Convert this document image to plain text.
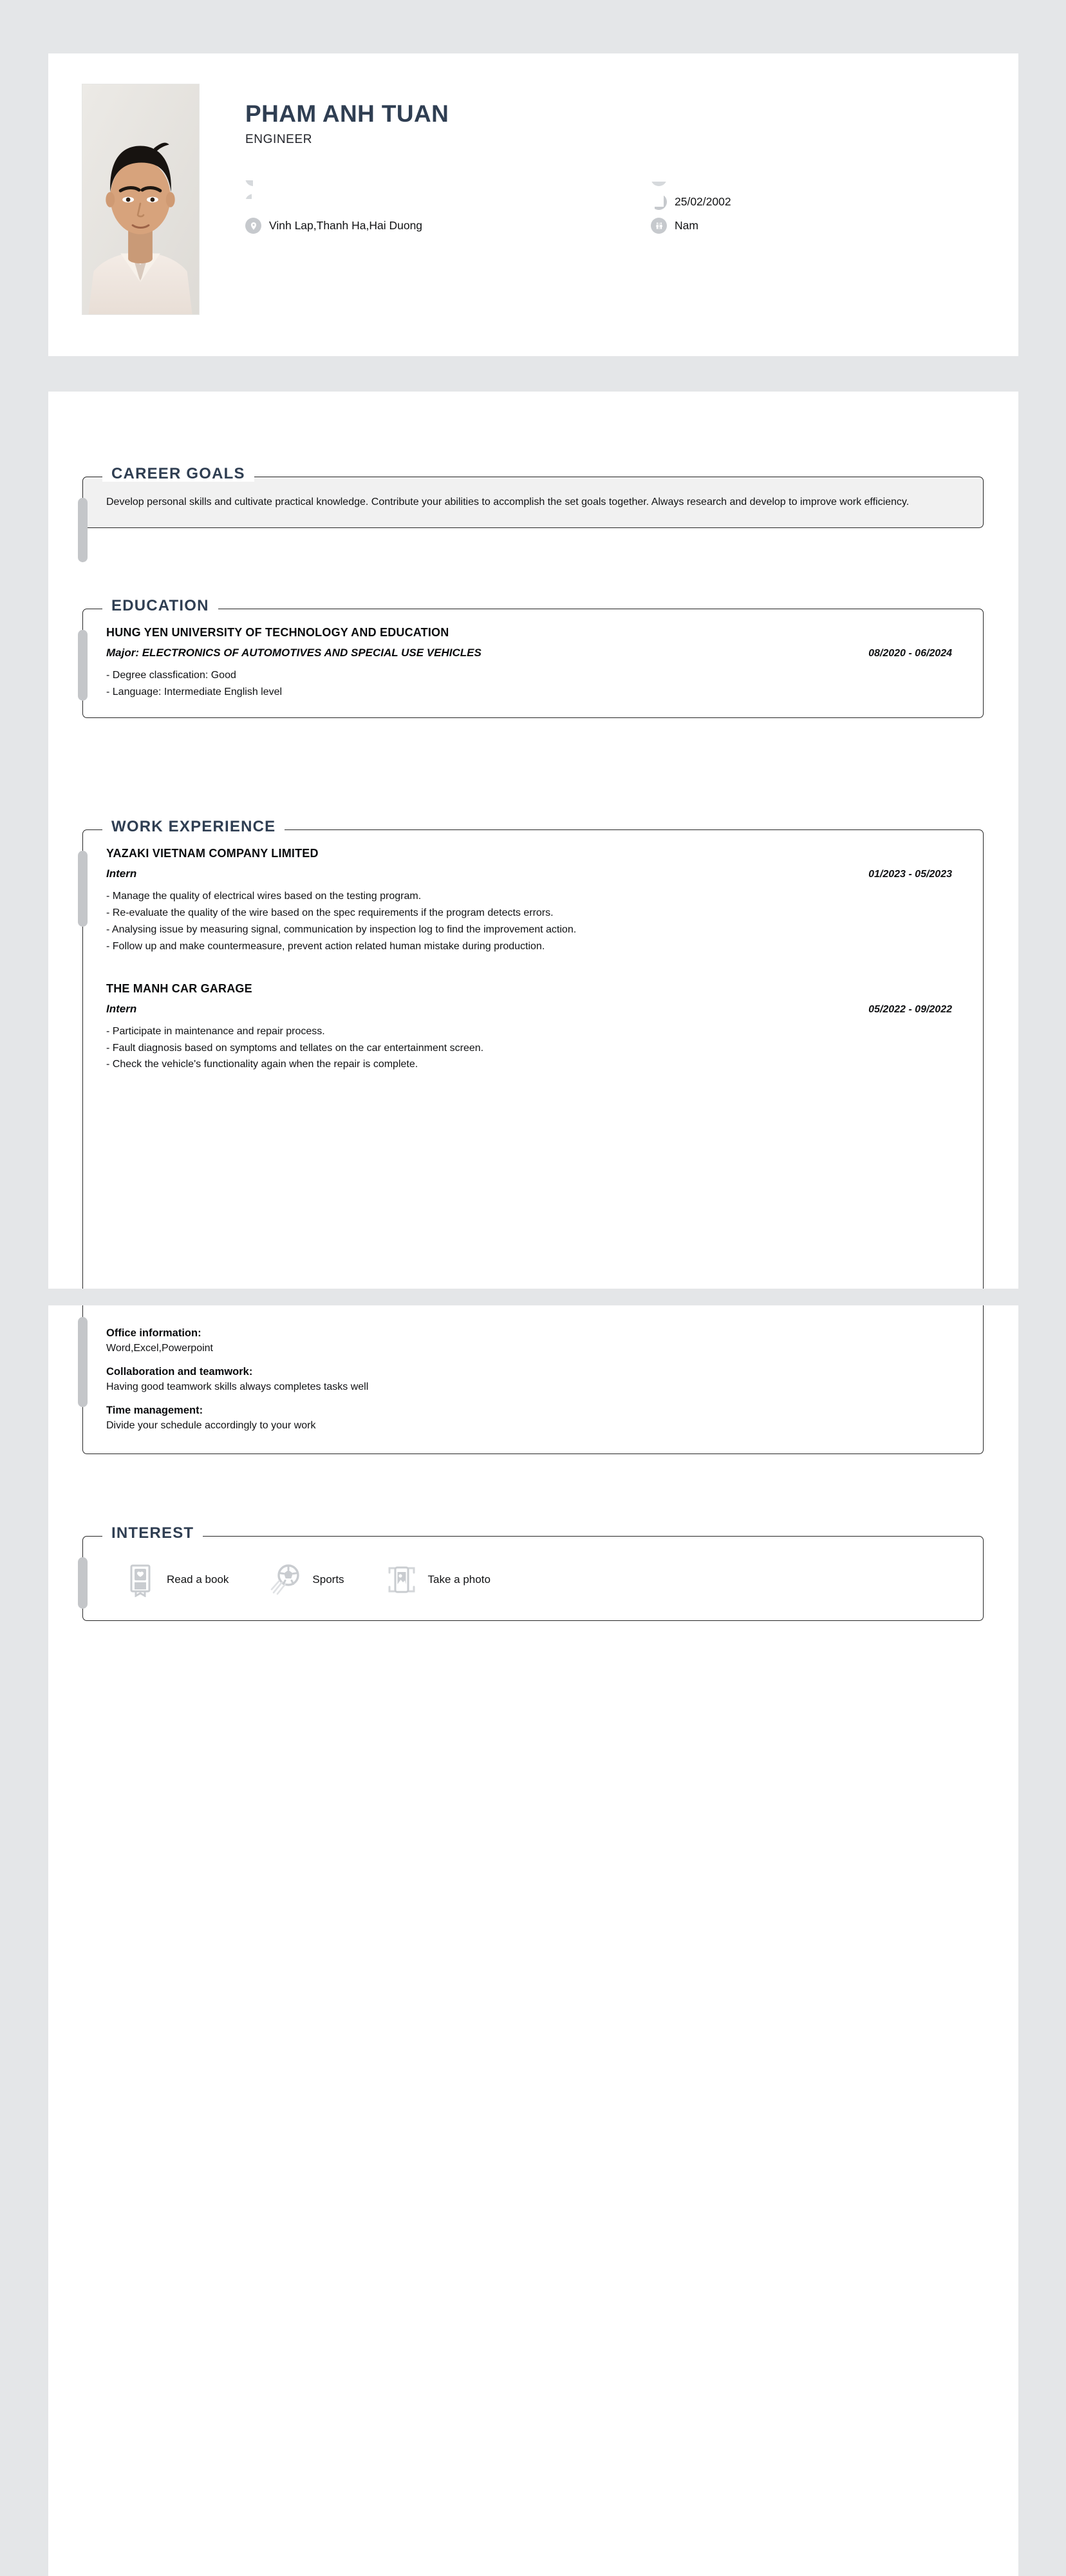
PHAM ANH TUAN
ENGINEER
Vinh Lap,Thanh Ha,Hai Duong
25/02/2002
Nam
CAREER GOALS
Develop personal skills and cultivate practical knowledge. Contribute your abilities to accomplish the set goals together. Always research and develop to improve work efficiency.
EDUCATION
HUNG YEN UNIVERSITY OF TECHNOLOGY AND EDUCATION
Major: ELECTRONICS OF AUTOMOTIVES AND SPECIAL USE VEHICLES	08/2020 - 06/2024
- Degree classfication: Good
- Language: Intermediate English level
WORK EXPERIENCE
YAZAKI VIETNAM COMPANY LIMITED
Intern	01/2023 - 05/2023
- Manage the quality of electrical wires based on the testing program.
- Re-evaluate the quality of the wire based on the spec requirements if the program detects errors.
- Analysing issue by measuring signal, communication by inspection log to find the improvement action.
- Follow up and make countermeasure, prevent action related human mistake during production.
THE MANH CAR GARAGE
Intern	05/2022 - 09/2022
- Participate in maintenance and repair process.
- Fault diagnosis based on symptoms and tellates on the car entertainment screen.
- Check the vehicle's functionality again when the repair is complete.
Office information:
Word,Excel,Powerpoint
Collaboration and teamwork:
Having good teamwork skills always completes tasks well
Time management:
Divide your schedule accordingly to your work
INTEREST
Read a book	Sports	Take a photo
